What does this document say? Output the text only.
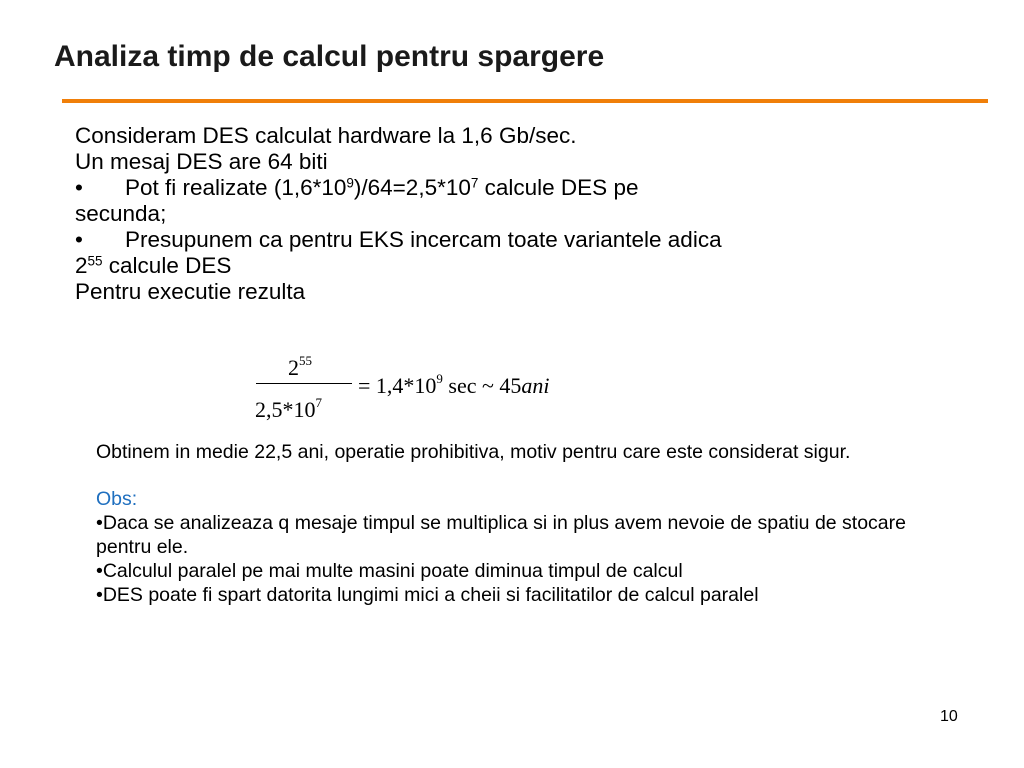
Analiza timp de calcul pentru spargere

Consideram DES calculat hardware la 1,6 Gb/sec.

Un mesaj DES are 64 biti

• Pot fi realizate $(1,6*10^9)/64=2,5*10^7$ calcule DES pe
secunda;

• Presupunem ca pentru EKS incercam toate variantele adica
$2^{55}$ calcule DES

Pentru executie rezulta

$2^{55}$
$2,5*10^7$
= $1,4*10^9$ sec ~ 45ani

Obtinem in medie 22,5 ani, operatie prohibitiva, motiv pentru care este considerat sigur.

Obs:

•Daca se analizeaza q mesaje timpul se multiplica si in plus avem nevoie de spatiu de stocare pentru ele.

•Calculul paralel pe mai multe masini poate diminua timpul de calcul

•DES poate fi spart datorita lungimi mici a cheii si facilitatilor de calcul paralel

10
